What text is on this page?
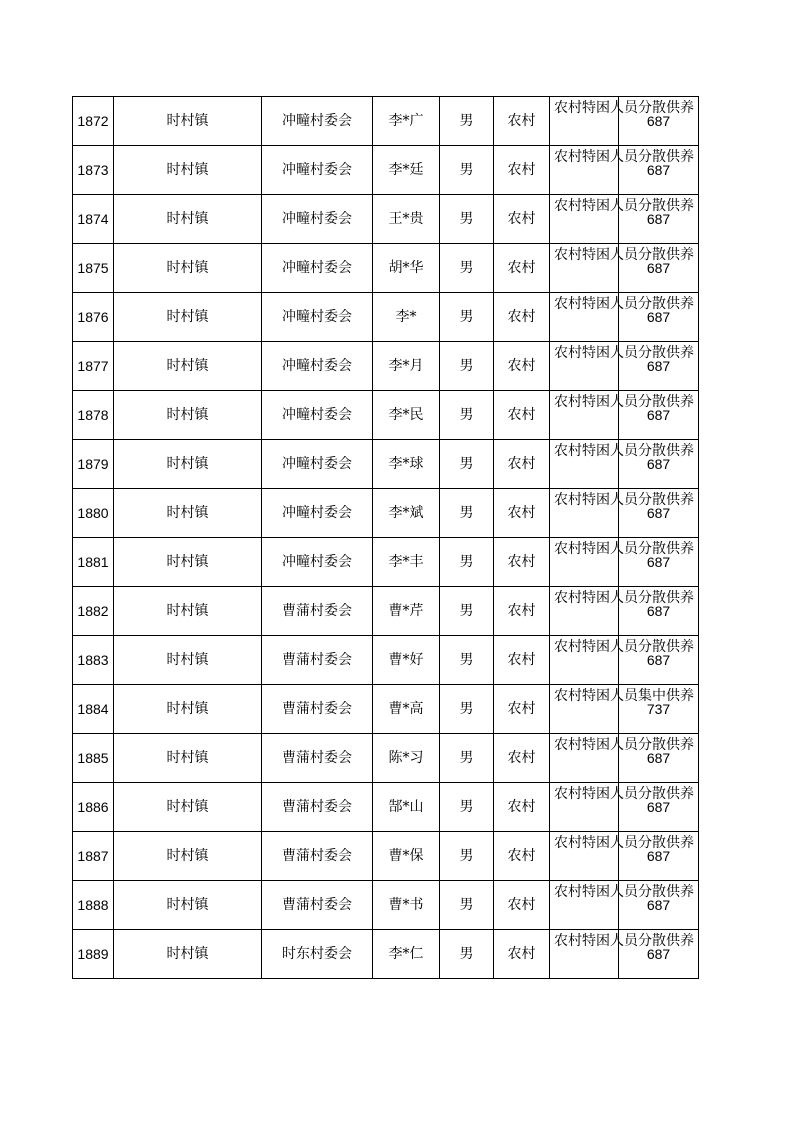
1872	时村镇	冲疃村委会	李*广	男	农村	农村特困人员分散供养	687
1873	时村镇	冲疃村委会	李*廷	男	农村	农村特困人员分散供养	687
1874	时村镇	冲疃村委会	王*贵	男	农村	农村特困人员分散供养	687
1875	时村镇	冲疃村委会	胡*华	男	农村	农村特困人员分散供养	687
1876	时村镇	冲疃村委会	李*	男	农村	农村特困人员分散供养	687
1877	时村镇	冲疃村委会	李*月	男	农村	农村特困人员分散供养	687
1878	时村镇	冲疃村委会	李*民	男	农村	农村特困人员分散供养	687
1879	时村镇	冲疃村委会	李*球	男	农村	农村特困人员分散供养	687
1880	时村镇	冲疃村委会	李*斌	男	农村	农村特困人员分散供养	687
1881	时村镇	冲疃村委会	李*丰	男	农村	农村特困人员分散供养	687
1882	时村镇	曹蒲村委会	曹*芹	男	农村	农村特困人员分散供养	687
1883	时村镇	曹蒲村委会	曹*好	男	农村	农村特困人员分散供养	687
1884	时村镇	曹蒲村委会	曹*高	男	农村	农村特困人员集中供养	737
1885	时村镇	曹蒲村委会	陈*习	男	农村	农村特困人员分散供养	687
1886	时村镇	曹蒲村委会	郜*山	男	农村	农村特困人员分散供养	687
1887	时村镇	曹蒲村委会	曹*保	男	农村	农村特困人员分散供养	687
1888	时村镇	曹蒲村委会	曹*书	男	农村	农村特困人员分散供养	687
1889	时村镇	时东村委会	李*仁	男	农村	农村特困人员分散供养	687
